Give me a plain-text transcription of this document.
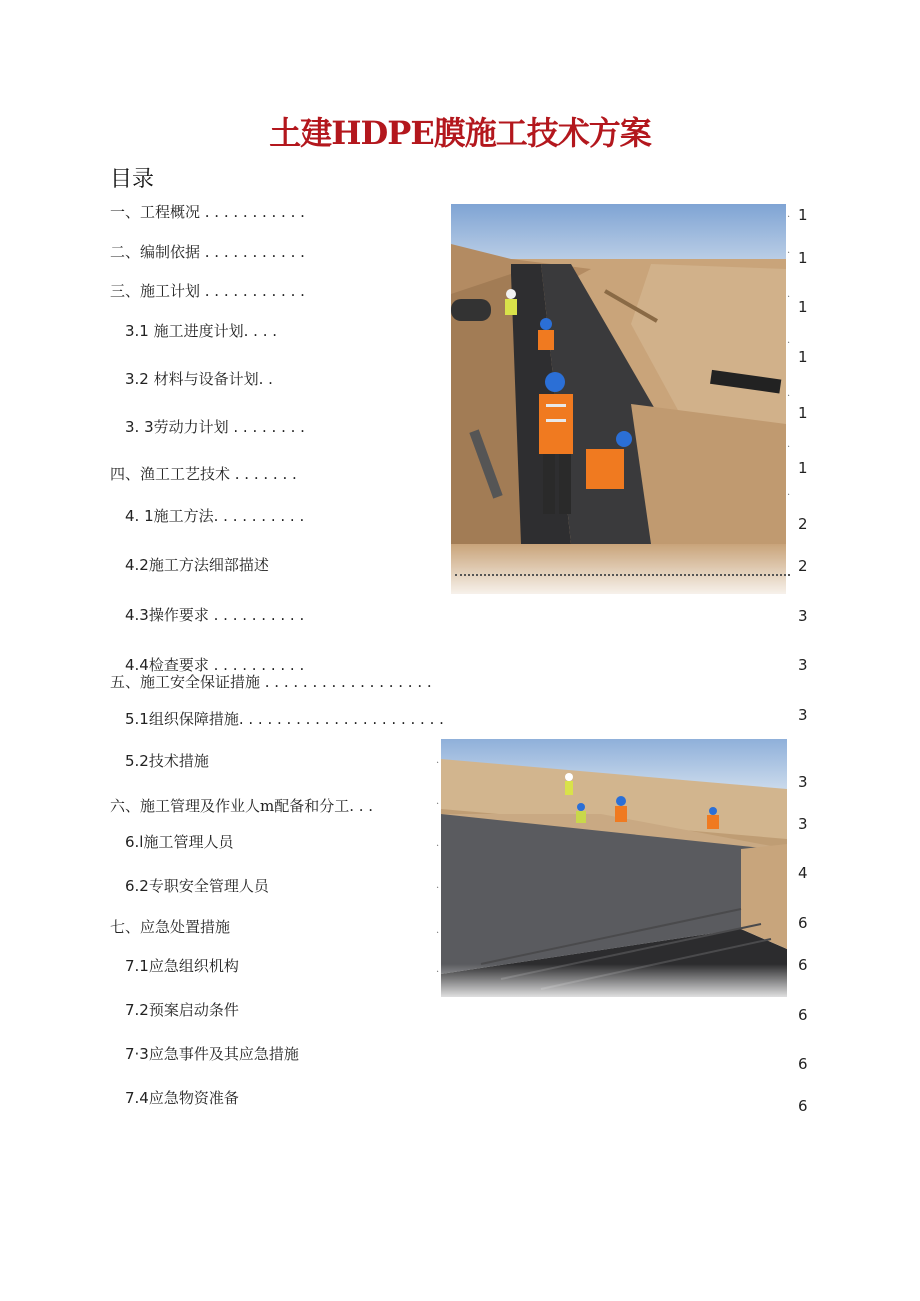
土建HDPE膜施工技术方案
目录
一、工程概况 . . . . . . . . . . .
二、编制依据 . . . . . . . . . . .
三、施工计划 . . . . . . . . . . .
3.1 施工进度计划. . . .
3.2 材料与设备计划. .
3. 3劳动力计划 . . . . . . . .
四、渔工工艺技术 . . . . . . .
4. 1施工方法. . . . . . . . . .
4.2施工方法细部描述
4.3操作要求 . . . . . . . . . .
4.4检查要求 . . . . . . . . . .
五、施工安全保证措施 . . . . . . . . . . . . . . . . . .
5.1组织保障措施. . . . . . . . . . . . . . . . . . . . . .
5.2技术措施
六、施工管理及作业人m配备和分工. . .
6.l施工管理人员
6.2专职安全管理人员
七、应急处置措施
7.1应急组织机构
7.2预案启动条件
7·3应急事件及其应急措施
7.4应急物资准备
1
1
1
1
1
1
2
2
3
3
3
3
3
4
6
6
6
6
6
.
.
.
.
.
.
.
.
.
.
.
.
.
